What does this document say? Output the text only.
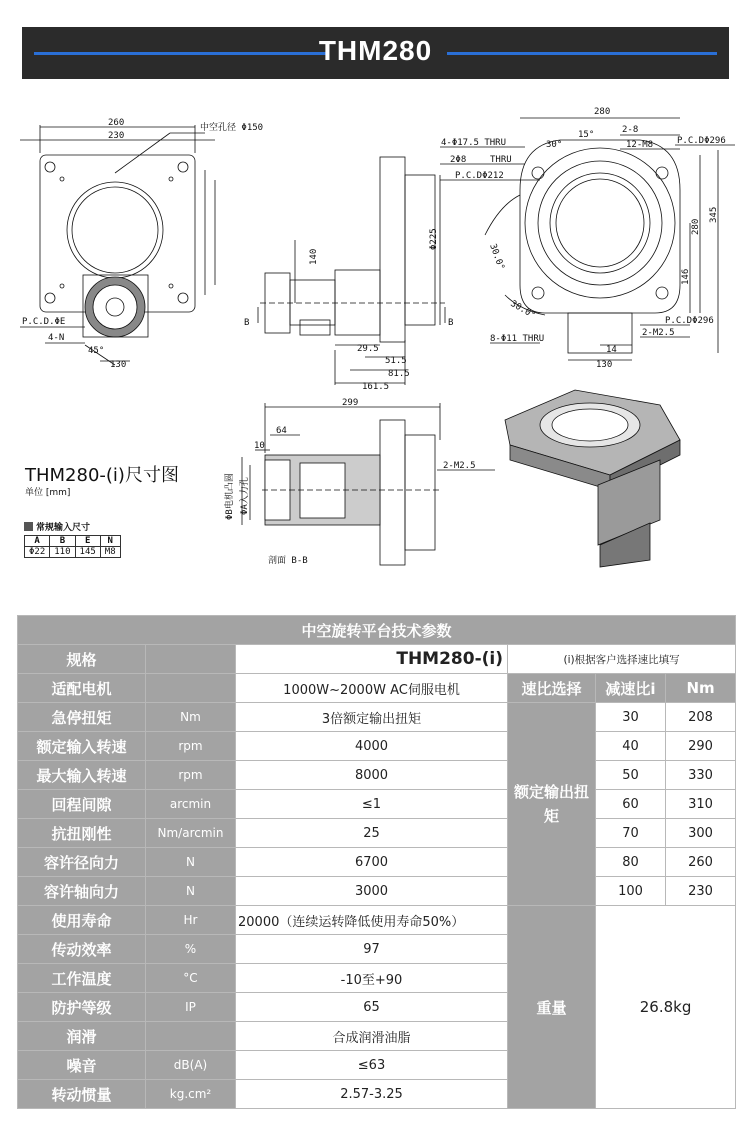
THM280
260
230
中空孔径 Φ150
P.C.D.ΦE
4-N
45°
130
140
Φ225
29.5
51.5
81.5
161.5
B	B
280
2-8
4-Φ17.5 THRU	12-M8	P.C.DΦ296
2Φ8	THRU
P.C.DΦ212
15°
30°
30.0°
30.0°
280
345
146
8-Φ11 THRU
P.C.DΦ296
2-M2.5
14
130
299
10
64
ΦB电机凸圆 ΦA入力孔
2-M2.5
剖面 B-B
THM280-(i)尺寸图
单位 [mm]
常规输入尺寸
A	B	E	N
Φ22	110	145	M8
中空旋转平台技术参数					
规格		THM280-(i)	(i)根据客户选择速比填写		
适配电机		1000W~2000W AC伺服电机	速比选择	减速比i	Nm
急停扭矩	Nm	3倍额定输出扭矩	额定输出扭矩	30	208
额定输入转速	rpm	4000		40	290
最大输入转速	rpm	8000		50	330
回程间隙	arcmin	≤1		60	310
抗扭刚性	Nm/arcmin	25		70	300
容许径向力	N	6700		80	260
容许轴向力	N	3000		100	230
使用寿命	Hr	20000（连续运转降低使用寿命50%）	重量	26.8kg	
传动效率	%	97			
工作温度	°C	-10至+90			
防护等级	IP	65			
润滑		合成润滑油脂			
噪音	dB(A)	≤63			
转动惯量	kg.cm²	2.57-3.25			
